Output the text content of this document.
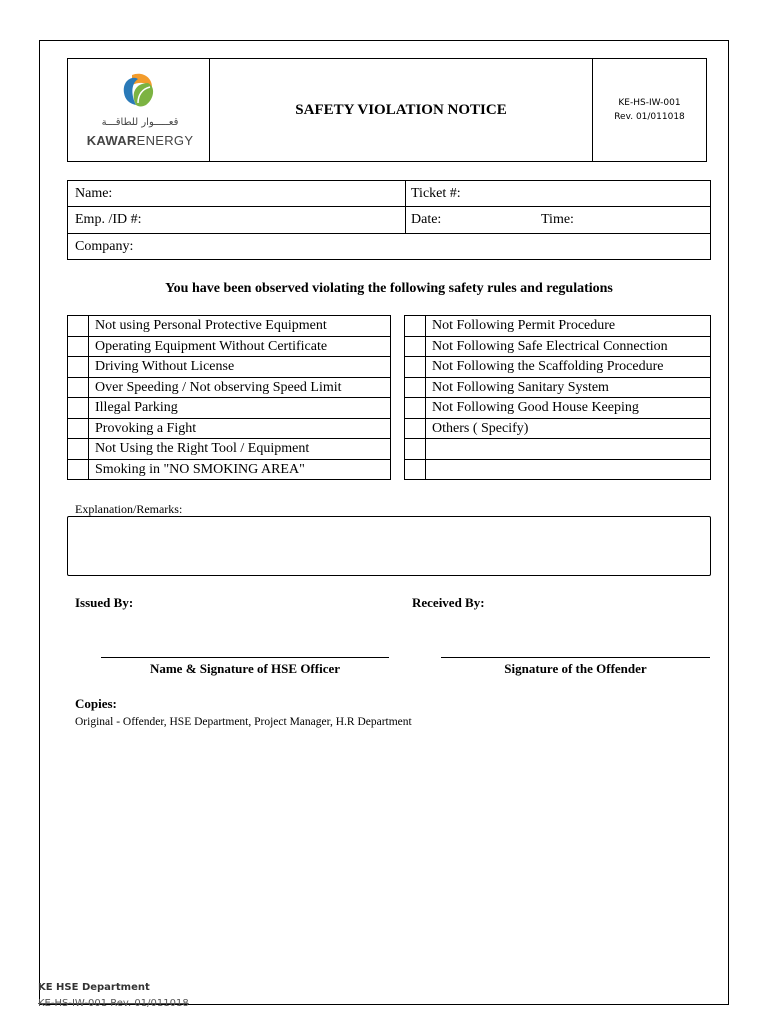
قعـــــوار للطاقـــة
KAWARENERGY
SAFETY VIOLATION NOTICE	KE-HS-IW-001
Rev. 01/011018
Name:	Ticket #:
Emp. /ID #:	Date:	Time:
Company:
You have been observed violating the following safety rules and regulations
	Not using Personal Protective Equipment
	Operating Equipment Without Certificate
	Driving Without License
	Over Speeding / Not observing Speed Limit
	Illegal Parking
	Provoking a Fight
	Not Using the Right Tool / Equipment
	Smoking in "NO SMOKING AREA"
	Not Following Permit Procedure
	Not Following Safe Electrical Connection
	Not Following the Scaffolding Procedure
	Not Following Sanitary System
	Not Following Good House Keeping
	Others ( Specify)

Explanation/Remarks:
Issued By:	Received By:
Name & Signature of HSE Officer	Signature of the Offender
Copies:
Original - Offender, HSE Department, Project Manager, H.R Department
KE HSE Department
KE-HS-IW-001 Rev. 01/011018
